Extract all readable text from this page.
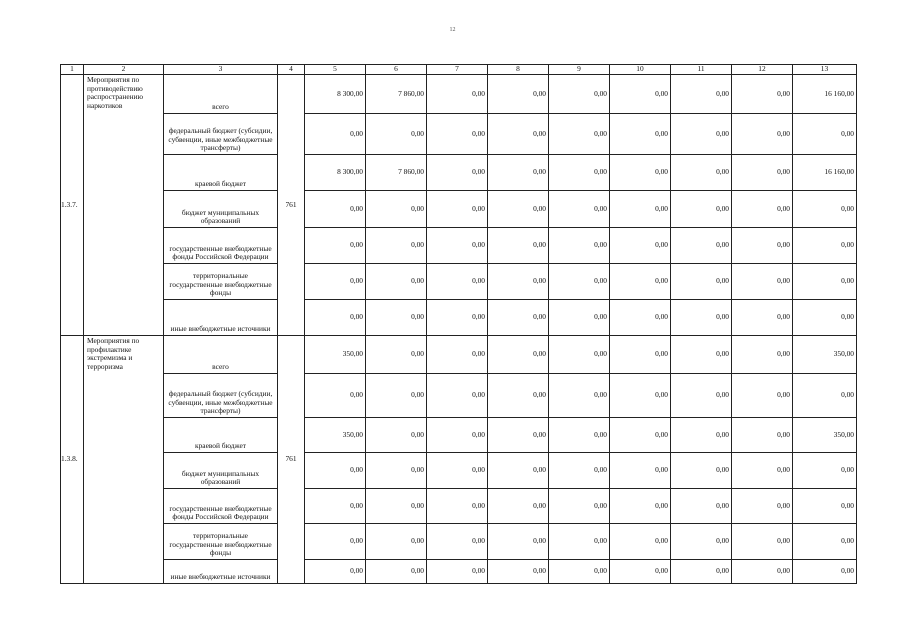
12
1	2	3	4	5	6	7	8	9	10	11	12	13
1.3.7.	Мероприятия по противодействию распространению наркотиков	всего	761	8 300,00	7 860,00	0,00	0,00	0,00	0,00	0,00	0,00	16 160,00
		федеральный бюджет (субсидии, субвенции, иные межбюджетные трансферты)		0,00	0,00	0,00	0,00	0,00	0,00	0,00	0,00	0,00
		краевой бюджет		8 300,00	7 860,00	0,00	0,00	0,00	0,00	0,00	0,00	16 160,00
		бюджет муниципальных образований		0,00	0,00	0,00	0,00	0,00	0,00	0,00	0,00	0,00
		государственные внебюджетные фонды Российской Федерации		0,00	0,00	0,00	0,00	0,00	0,00	0,00	0,00	0,00
		территориальные государственные внебюджетные фонды		0,00	0,00	0,00	0,00	0,00	0,00	0,00	0,00	0,00
		иные внебюджетные источники		0,00	0,00	0,00	0,00	0,00	0,00	0,00	0,00	0,00
1.3.8.	Мероприятия по профилактике экстремизма и терроризма	всего	761	350,00	0,00	0,00	0,00	0,00	0,00	0,00	0,00	350,00
		федеральный бюджет (субсидии, субвенции, иные межбюджетные трансферты)		0,00	0,00	0,00	0,00	0,00	0,00	0,00	0,00	0,00
		краевой бюджет		350,00	0,00	0,00	0,00	0,00	0,00	0,00	0,00	350,00
		бюджет муниципальных образований		0,00	0,00	0,00	0,00	0,00	0,00	0,00	0,00	0,00
		государственные внебюджетные фонды Российской Федерации		0,00	0,00	0,00	0,00	0,00	0,00	0,00	0,00	0,00
		территориальные государственные внебюджетные фонды		0,00	0,00	0,00	0,00	0,00	0,00	0,00	0,00	0,00
		иные внебюджетные источники		0,00	0,00	0,00	0,00	0,00	0,00	0,00	0,00	0,00
